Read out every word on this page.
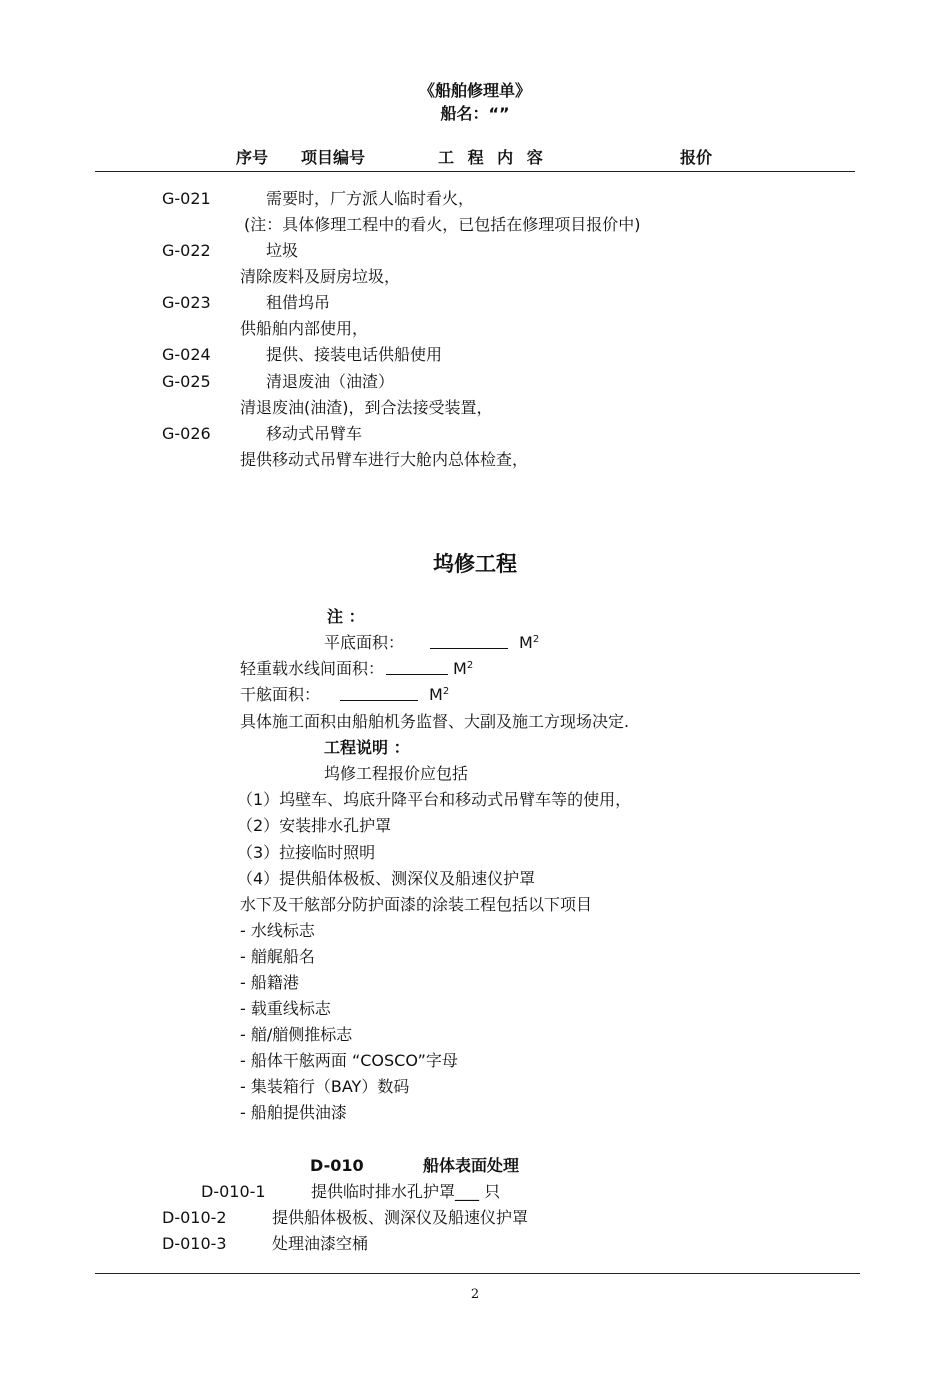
《船舶修理单》
船名：“”
序号 项目编号	工 程 内 容	报价
G-021	需要时，厂方派人临时看火，
(注：具体修理工程中的看火，已包括在修理项目报价中)
G-022	垃圾
清除废料及厨房垃圾，
G-023	租借坞吊
供船舶内部使用，
G-024	提供、接装电话供船使用
G-025	清退废油（油渣）
清退废油(油渣)，到合法接受装置，
G-026	移动式吊臂车
提供移动式吊臂车进行大舱内总体检查，
坞修工程
注 ：
平底面积：	$M^2$
轻重载水线间面积：	$M^2$
干舷面积：	$M^2$
具体施工面积由船舶机务监督、大副及施工方现场决定.
工程说明 ：
坞修工程报价应包括
（1）坞壁车、坞底升降平台和移动式吊臂车等的使用，
（2）安装排水孔护罩
（3）拉接临时照明
（4）提供船体极板、测深仪及船速仪护罩
水下及干舷部分防护面漆的涂装工程包括以下项目
- 水线标志
- 艏艉船名
- 船籍港
- 载重线标志
- 艏/艏侧推标志
- 船体干舷两面 “COSCO”字母
- 集装箱行（BAY）数码
- 船舶提供油漆
D-010	船体表面处理
D-010-1	提供临时排水孔护罩___ 只
D-010-2	提供船体极板、测深仪及船速仪护罩
D-010-3	处理油漆空桶
2
